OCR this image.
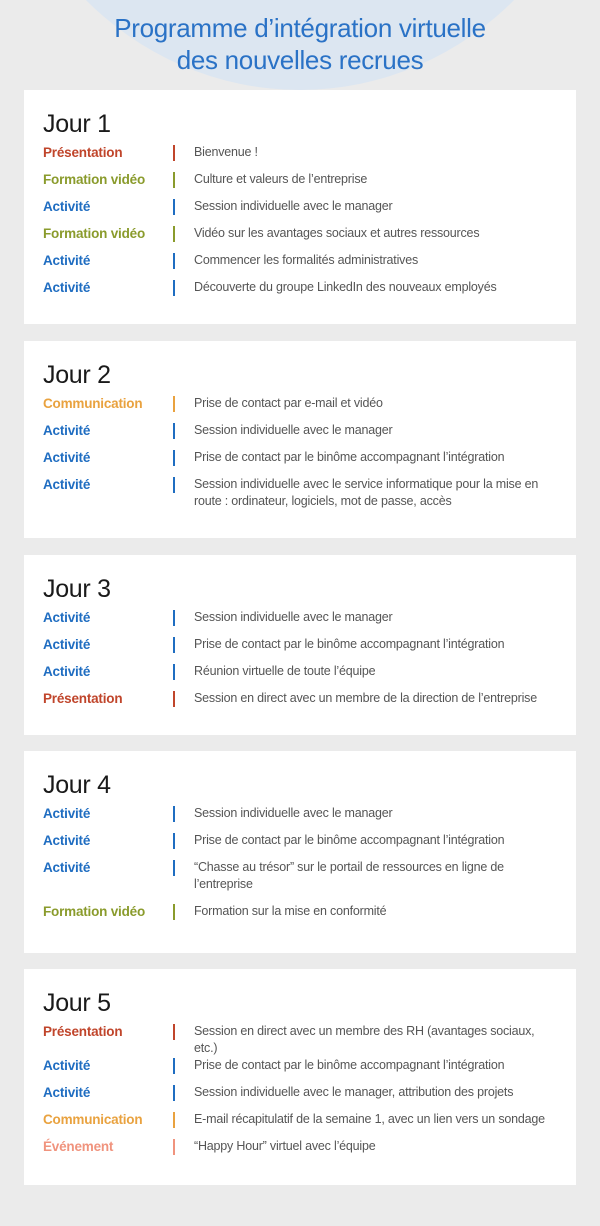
Programme d’intégration virtuelle
des nouvelles recrues
Jour 1
Présentation	Bienvenue !
Formation vidéo	Culture et valeurs de l’entreprise
Activité	Session individuelle avec le manager
Formation vidéo	Vidéo sur les avantages sociaux et autres ressources
Activité	Commencer les formalités administratives
Activité	Découverte du groupe LinkedIn des nouveaux employés
Jour 2
Communication	Prise de contact par e-mail et vidéo
Activité	Session individuelle avec le manager
Activité	Prise de contact par le binôme accompagnant l’intégration
Activité	Session individuelle avec le service informatique pour la mise en route : ordinateur, logiciels, mot de passe, accès
Jour 3
Activité	Session individuelle avec le manager
Activité	Prise de contact par le binôme accompagnant l’intégration
Activité	Réunion virtuelle de toute l’équipe
Présentation	Session en direct avec un membre de la direction de l’entreprise
Jour 4
Activité	Session individuelle avec le manager
Activité	Prise de contact par le binôme accompagnant l’intégration
Activité	“Chasse au trésor” sur le portail de ressources en ligne de l’entreprise
Formation vidéo	Formation sur la mise en conformité
Jour 5
Présentation	Session en direct avec un membre des RH (avantages sociaux, etc.)
Activité	Prise de contact par le binôme accompagnant l’intégration
Activité	Session individuelle avec le manager, attribution des projets
Communication	E-mail récapitulatif de la semaine 1, avec un lien vers un sondage
Événement	“Happy Hour” virtuel avec l’équipe
